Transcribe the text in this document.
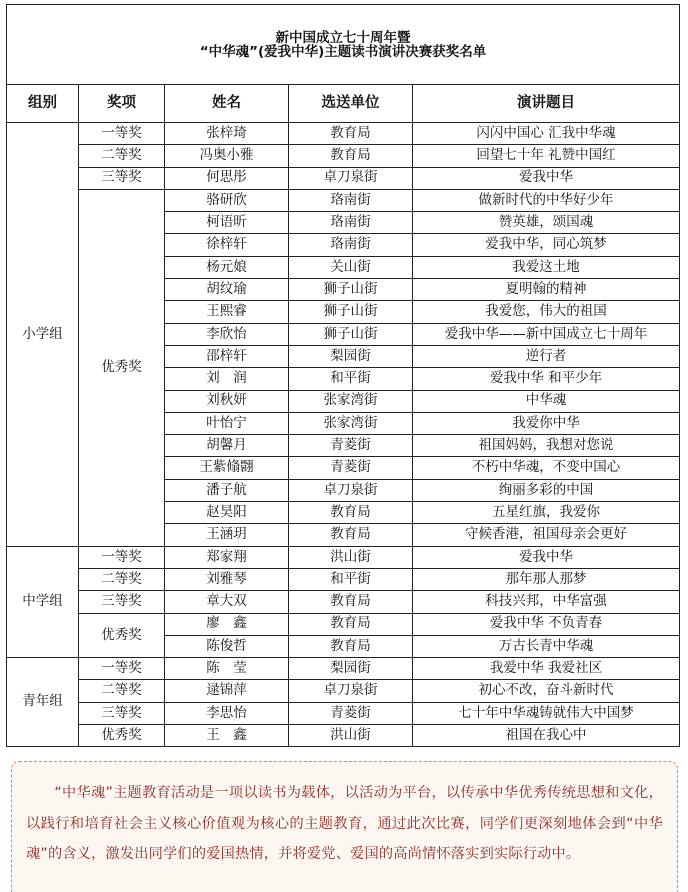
新中国成立七十周年暨
“中华魂”(爱我中华)主题读书演讲决赛获奖名单				

组别	奖项	姓名	选送单位	演讲题目
小学组	一等奖	张梓琦	教育局	闪闪中国心 汇我中华魂
	二等奖	冯奥小雅	教育局	回望七十年 礼赞中国红
	三等奖	何思彤	卓刀泉街	爱我中华
	优秀奖	骆研欣	珞南街	做新时代的中华好少年
		柯语昕	珞南街	赞英雄，颂国魂
		徐梓轩	珞南街	爱我中华，同心筑梦
		杨元娘	关山街	我爱这土地
		胡纹瑜	狮子山街	夏明翰的精神
		王熙睿	狮子山街	我爱您，伟大的祖国
		李欣怡	狮子山街	爱我中华——新中国成立七十周年
		邵梓轩	梨园街	逆行者
		刘　润	和平街	爱我中华 和平少年
		刘秋妍	张家湾街	中华魂
		叶怡宁	张家湾街	我爱你中华
		胡馨月	青菱街	祖国妈妈，我想对您说
		王紫翛翾	青菱街	不朽中华魂，不变中国心
		潘子航	卓刀泉街	绚丽多彩的中国
		赵昊阳	教育局	五星红旗，我爱你
		王涵玥	教育局	守候香港，祖国母亲会更好
中学组	一等奖	郑家翔	洪山街	爱我中华
	二等奖	刘雅琴	和平街	那年那人那梦
	三等奖	章大双	教育局	科技兴邦，中华富强
	优秀奖	廖　鑫	教育局	爱我中华 不负青春
		陈俊哲	教育局	万古长青中华魂
青年组	一等奖	陈　莹	梨园街	我爱中华 我爱社区
	二等奖	逯锦萍	卓刀泉街	初心不改，奋斗新时代
	三等奖	李思怡	青菱街	七十年中华魂铸就伟大中国梦
	优秀奖	王　鑫	洪山街	祖国在我心中

“中华魂”主题教育活动是一项以读书为载体，以活动为平台，以传承中华优秀传统思想和文化，以践行和培育社会主义核心价值观为核心的主题教育，通过此次比赛，同学们更深刻地体会到“中华魂”的含义，激发出同学们的爱国热情，并将爱党、爱国的高尚情怀落实到实际行动中。
